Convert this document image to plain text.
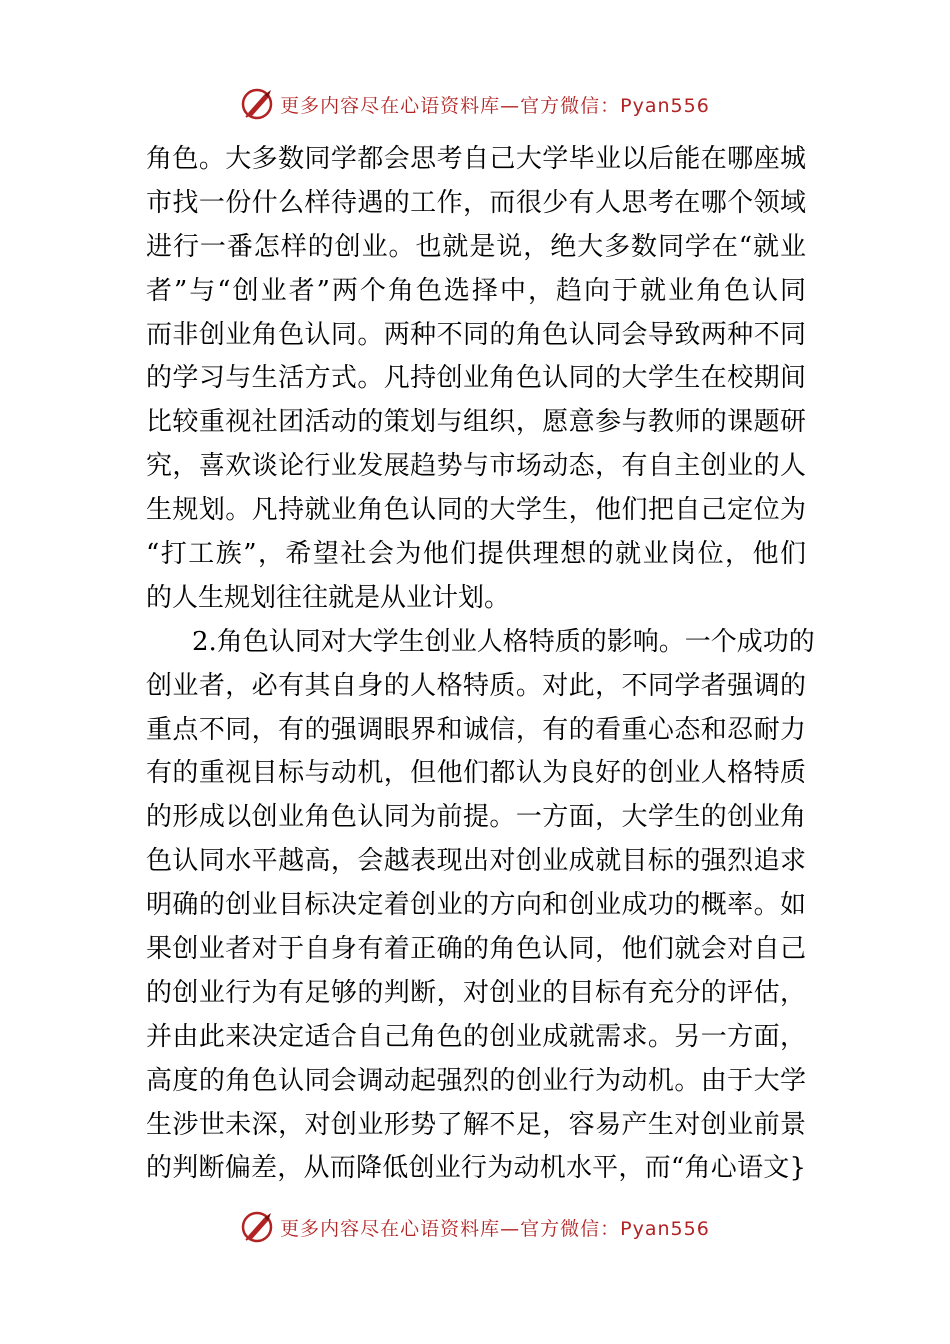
更多内容尽在心语资料库—官方微信：Pyan556
角色。大多数同学都会思考自己大学毕业以后能在哪座城
市找一份什么样待遇的工作，而很少有人思考在哪个领域
进行一番怎样的创业。也就是说，绝大多数同学在“就业
者”与“创业者”两个角色选择中，趋向于就业角色认同
而非创业角色认同。两种不同的角色认同会导致两种不同
的学习与生活方式。凡持创业角色认同的大学生在校期间
比较重视社团活动的策划与组织，愿意参与教师的课题研
究，喜欢谈论行业发展趋势与市场动态，有自主创业的人
生规划。凡持就业角色认同的大学生，他们把自己定位为
“打工族”，希望社会为他们提供理想的就业岗位，他们
的人生规划往往就是从业计划。
2.角色认同对大学生创业人格特质的影响。一个成功的
创业者，必有其自身的人格特质。对此，不同学者强调的
重点不同，有的强调眼界和诚信，有的看重心态和忍耐力
有的重视目标与动机，但他们都认为良好的创业人格特质
的形成以创业角色认同为前提。一方面，大学生的创业角
色认同水平越高，会越表现出对创业成就目标的强烈追求
明确的创业目标决定着创业的方向和创业成功的概率。如
果创业者对于自身有着正确的角色认同，他们就会对自己
的创业行为有足够的判断，对创业的目标有充分的评估，
并由此来决定适合自己角色的创业成就需求。另一方面，
高度的角色认同会调动起强烈的创业行为动机。由于大学
生涉世未深，对创业形势了解不足，容易产生对创业前景
的判断偏差，从而降低创业行为动机水平，而“角心语文}
更多内容尽在心语资料库—官方微信：Pyan556
